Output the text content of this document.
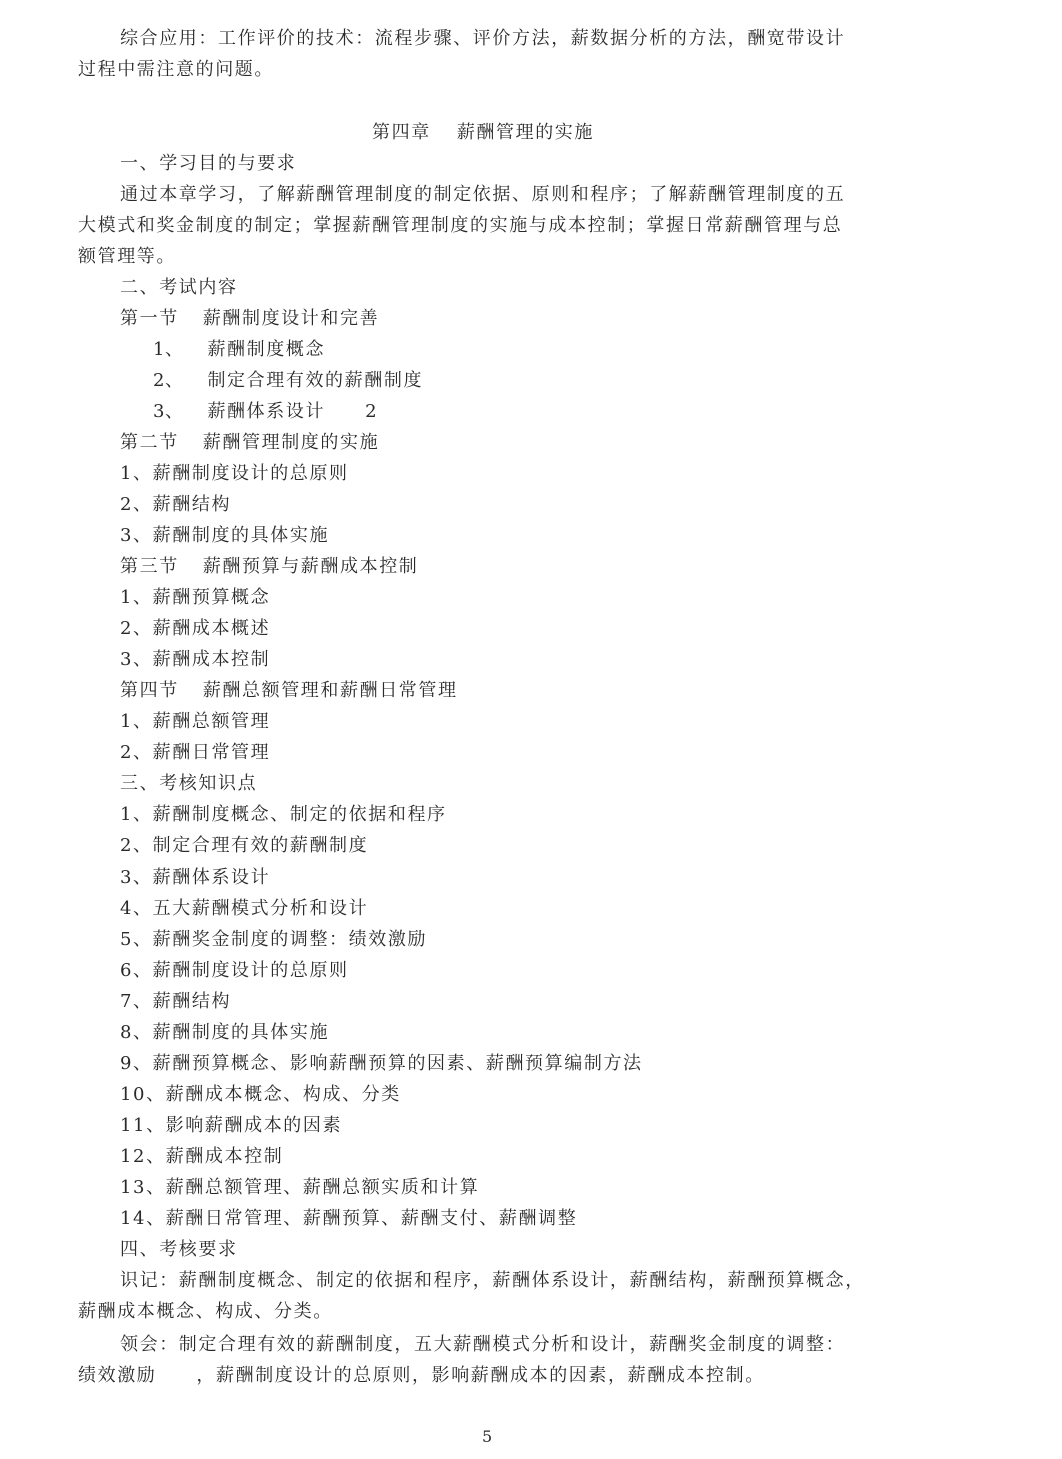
综合应用：工作评价的技术：流程步骤、评价方法，薪数据分析的方法，酬宽带设计
过程中需注意的问题。
第四章 薪酬管理的实施
一、学习目的与要求
通过本章学习，了解薪酬管理制度的制定依据、原则和程序；了解薪酬管理制度的五
大模式和奖金制度的制定；掌握薪酬管理制度的实施与成本控制；掌握日常薪酬管理与总
额管理等。
二、考试内容
第一节 薪酬制度设计和完善
1、 薪酬制度概念
2、 制定合理有效的薪酬制度
3、 薪酬体系设计 2
第二节 薪酬管理制度的实施
1、薪酬制度设计的总原则
2、薪酬结构
3、薪酬制度的具体实施
第三节 薪酬预算与薪酬成本控制
1、薪酬预算概念
2、薪酬成本概述
3、薪酬成本控制
第四节 薪酬总额管理和薪酬日常管理
1、薪酬总额管理
2、薪酬日常管理
三、考核知识点
1、薪酬制度概念、制定的依据和程序
2、制定合理有效的薪酬制度
3、薪酬体系设计
4、五大薪酬模式分析和设计
5、薪酬奖金制度的调整：绩效激励
6、薪酬制度设计的总原则
7、薪酬结构
8、薪酬制度的具体实施
9、薪酬预算概念、影响薪酬预算的因素、薪酬预算编制方法
10、薪酬成本概念、构成、分类
11、影响薪酬成本的因素
12、薪酬成本控制
13、薪酬总额管理、薪酬总额实质和计算
14、薪酬日常管理、薪酬预算、薪酬支付、薪酬调整
四、考核要求
识记：薪酬制度概念、制定的依据和程序，薪酬体系设计，薪酬结构，薪酬预算概念，
薪酬成本概念、构成、分类。
领会：制定合理有效的薪酬制度，五大薪酬模式分析和设计，薪酬奖金制度的调整：
绩效激励 ，薪酬制度设计的总原则，影响薪酬成本的因素，薪酬成本控制。
5
